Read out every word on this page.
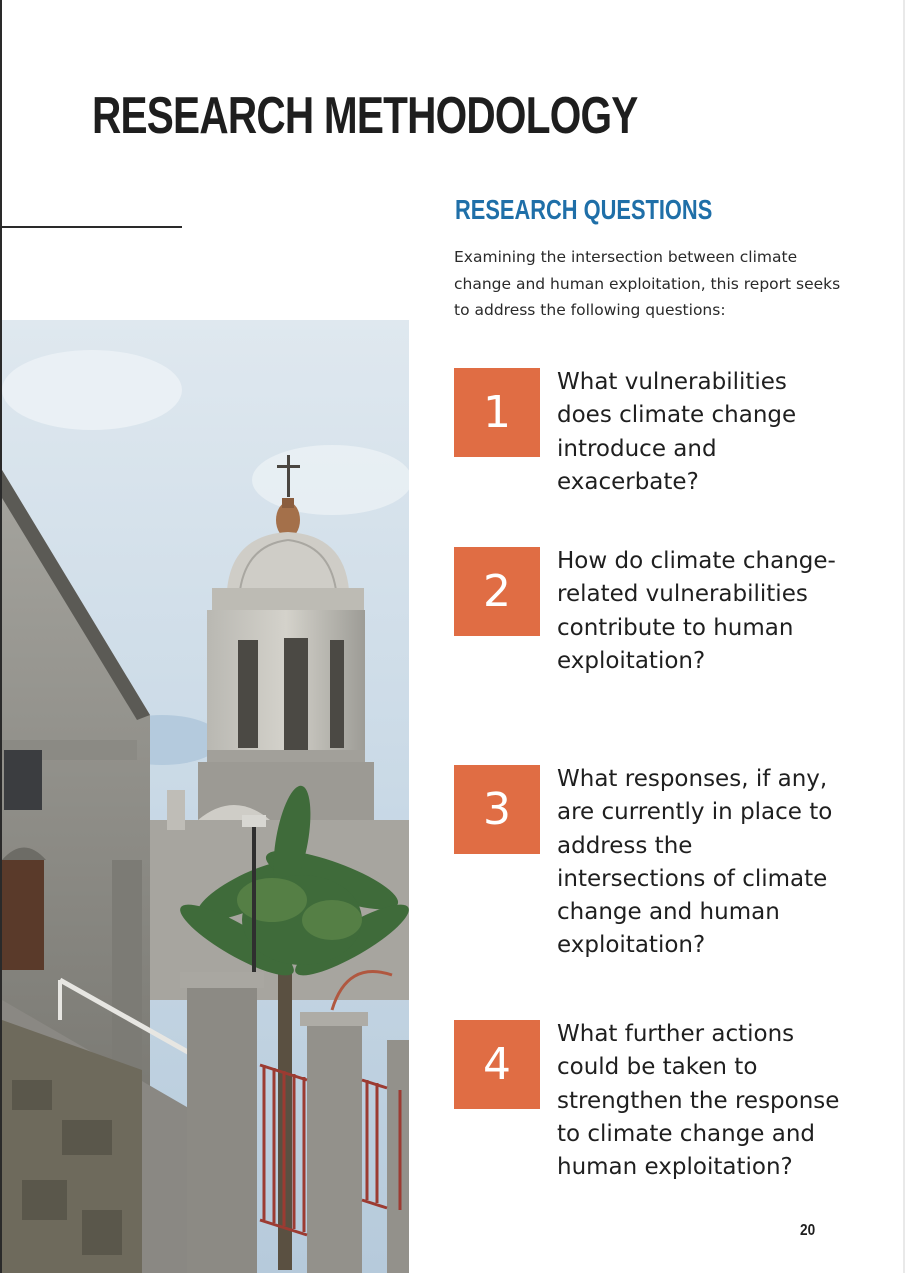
RESEARCH METHODOLOGY
RESEARCH QUESTIONS

Examining the intersection between climate change and human exploitation, this report seeks to address the following questions:

1

What vulnerabilities does climate change introduce and exacerbate?

2

How do climate change-related vulnerabilities contribute to human exploitation?

3

What responses, if any, are currently in place to address the intersections of climate change and human exploitation?

4

What further actions could be taken to strengthen the response to climate change and human exploitation?

20
